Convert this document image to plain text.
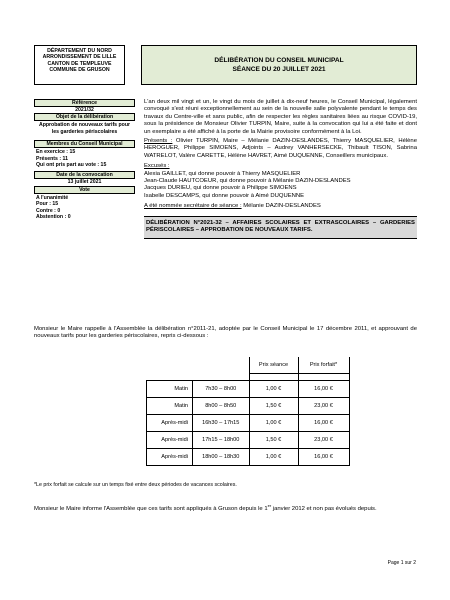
DÉPARTEMENT DU NORD
ARRONDISSEMENT DE LILLE
CANTON DE TEMPLEUVE
COMMUNE DE GRUSON
DÉLIBÉRATION DU CONSEIL MUNICIPAL
SÉANCE DU 20 JUILLET 2021
Référence
2021/32
Objet de la délibération
Approbation de nouveaux tarifs pour les garderies périscolaires
Membres du Conseil Municipal
En exercice : 15
Présents : 11
Qui ont pris part au vote : 15
Date de la convocation
13 juillet 2021
Vote
A l'unanimité
Pour : 15
Contre : 0
Abstention : 0

L'an deux mil vingt et un, le vingt du mois de juillet à dix-neuf heures, le Conseil Municipal, légalement convoqué s'est réuni exceptionnellement au sein de la nouvelle salle polyvalente pendant le temps des travaux du Centre-ville et sans public, afin de respecter les règles sanitaires liées au risque COVID-19, sous la présidence de Monsieur Olivier TURPIN, Maire, suite à la convocation qui lui a été faite et dont un exemplaire a été affiché à la porte de la Mairie provisoire conformément à la Loi.

Présents : Olivier TURPIN, Maire – Mélanie DAZIN-DESLANDES, Thierry MASQUELIER, Hélène HEROGUER, Philippe SIMOENS, Adjoints – Audrey VANHERSECKE, Thibault TISON, Sabrina WATRELOT, Valère CARETTE, Hélène HAVRET, Aimé DUQUENNE, Conseillers municipaux.

Excusés :

Alexia GAILLET, qui donne pouvoir à Thierry MASQUELIER
Jean-Claude HAUTCOEUR, qui donne pouvoir à Mélanie DAZIN-DESLANDES
Jacques DURIEU, qui donne pouvoir à Philippe SIMOENS
Isabelle DESCAMPS, qui donne pouvoir à Aimé DUQUENNE

A été nommée secrétaire de séance : Mélanie DAZIN-DESLANDES

DÉLIBÉRATION N°2021-32 – AFFAIRES SCOLAIRES ET EXTRASCOLAIRES – GARDERIES PÉRISCOLAIRES – APPROBATION DE NOUVEAUX TARIFS.

Monsieur le Maire rappelle à l'Assemblée la délibération n°2011-21, adoptée par le Conseil Municipal le 17 décembre 2011, et approuvant de nouveaux tarifs pour les garderies périscolaires, repris ci-dessous :

		Prix séance	Prix forfait*

Matin	7h30 – 8h00	1,00 €	16,00 €
Matin	8h00 – 8h50	1,50 €	23,00 €
Après-midi	16h30 – 17h15	1,00 €	16,00 €
Après-midi	17h15 – 18h00	1,50 €	23,00 €
Après-midi	18h00 – 18h30	1,00 €	16,00 €

*Le prix forfait se calcule sur un temps fixé entre deux périodes de vacances scolaires.

Monsieur le Maire informe l'Assemblée que ces tarifs sont appliqués à Gruson depuis le 1er janvier 2012 et non pas évolués depuis.

Page 1 sur 2
